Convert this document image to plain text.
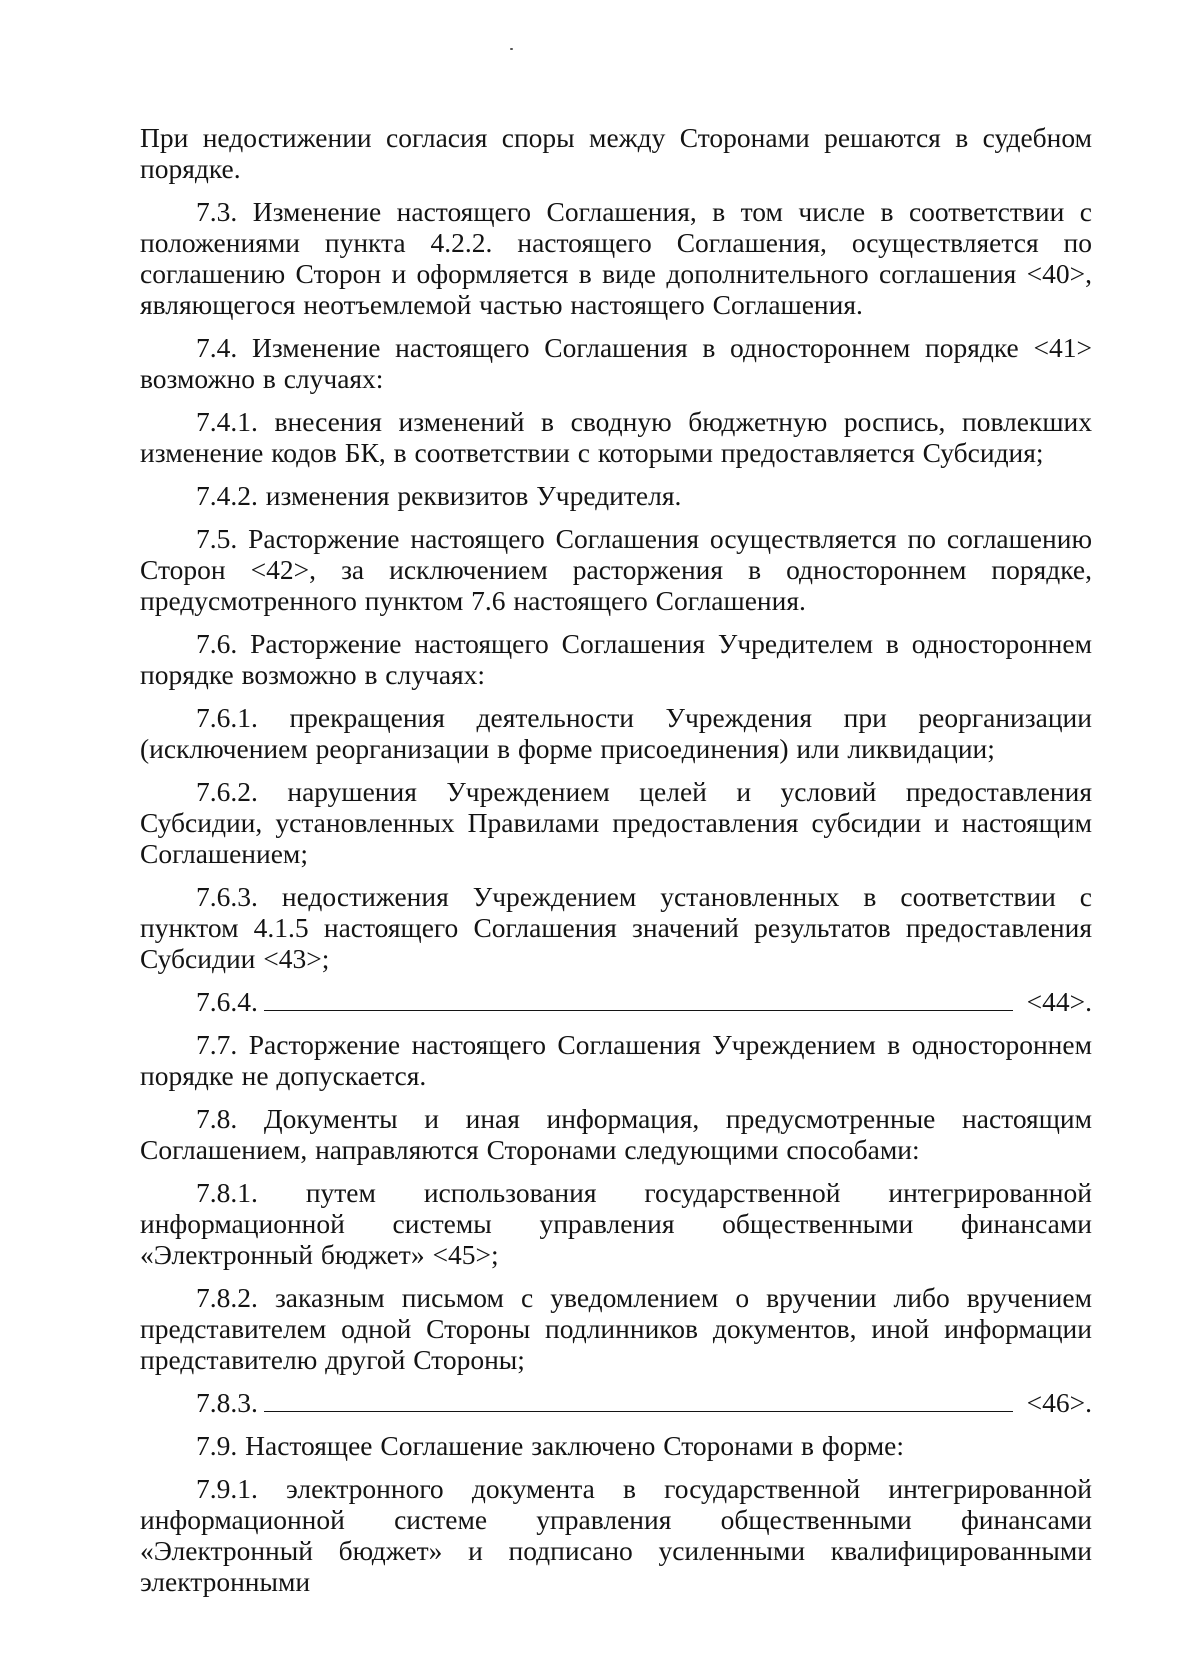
При недостижении согласия споры между Сторонами решаются в судебном порядке.

7.3. Изменение настоящего Соглашения, в том числе в соответствии с положениями пункта 4.2.2. настоящего Соглашения, осуществляется по соглашению Сторон и оформляется в виде дополнительного соглашения <40>, являющегося неотъемлемой частью настоящего Соглашения.

7.4. Изменение настоящего Соглашения в одностороннем порядке <41> возможно в случаях:

7.4.1. внесения изменений в сводную бюджетную роспись, повлекших изменение кодов БК, в соответствии с которыми предоставляется Субсидия;

7.4.2. изменения реквизитов Учредителя.

7.5. Расторжение настоящего Соглашения осуществляется по соглашению Сторон <42>, за исключением расторжения в одностороннем порядке, предусмотренного пунктом 7.6 настоящего Соглашения.

7.6. Расторжение настоящего Соглашения Учредителем в одностороннем порядке возможно в случаях:

7.6.1. прекращения деятельности Учреждения при реорганизации (исключением реорганизации в форме присоединения) или ликвидации;

7.6.2. нарушения Учреждением целей и условий предоставления Субсидии, установленных Правилами предоставления субсидии и настоящим Соглашением;

7.6.3. недостижения Учреждением установленных в соответствии с пунктом 4.1.5 настоящего Соглашения значений результатов предоставления Субсидии <43>;

7.6.4.	<44>.

7.7. Расторжение настоящего Соглашения Учреждением в одностороннем порядке не допускается.

7.8. Документы и иная информация, предусмотренные настоящим Соглашением, направляются Сторонами следующими способами:

7.8.1. путем использования государственной интегрированной информационной системы управления общественными финансами «Электронный бюджет» <45>;

7.8.2. заказным письмом с уведомлением о вручении либо вручением представителем одной Стороны подлинников документов, иной информации представителю другой Стороны;

7.8.3.	<46>.

7.9. Настоящее Соглашение заключено Сторонами в форме:

7.9.1. электронного документа в государственной интегрированной информационной системе управления общественными финансами «Электронный бюджет» и подписано усиленными квалифицированными электронными
